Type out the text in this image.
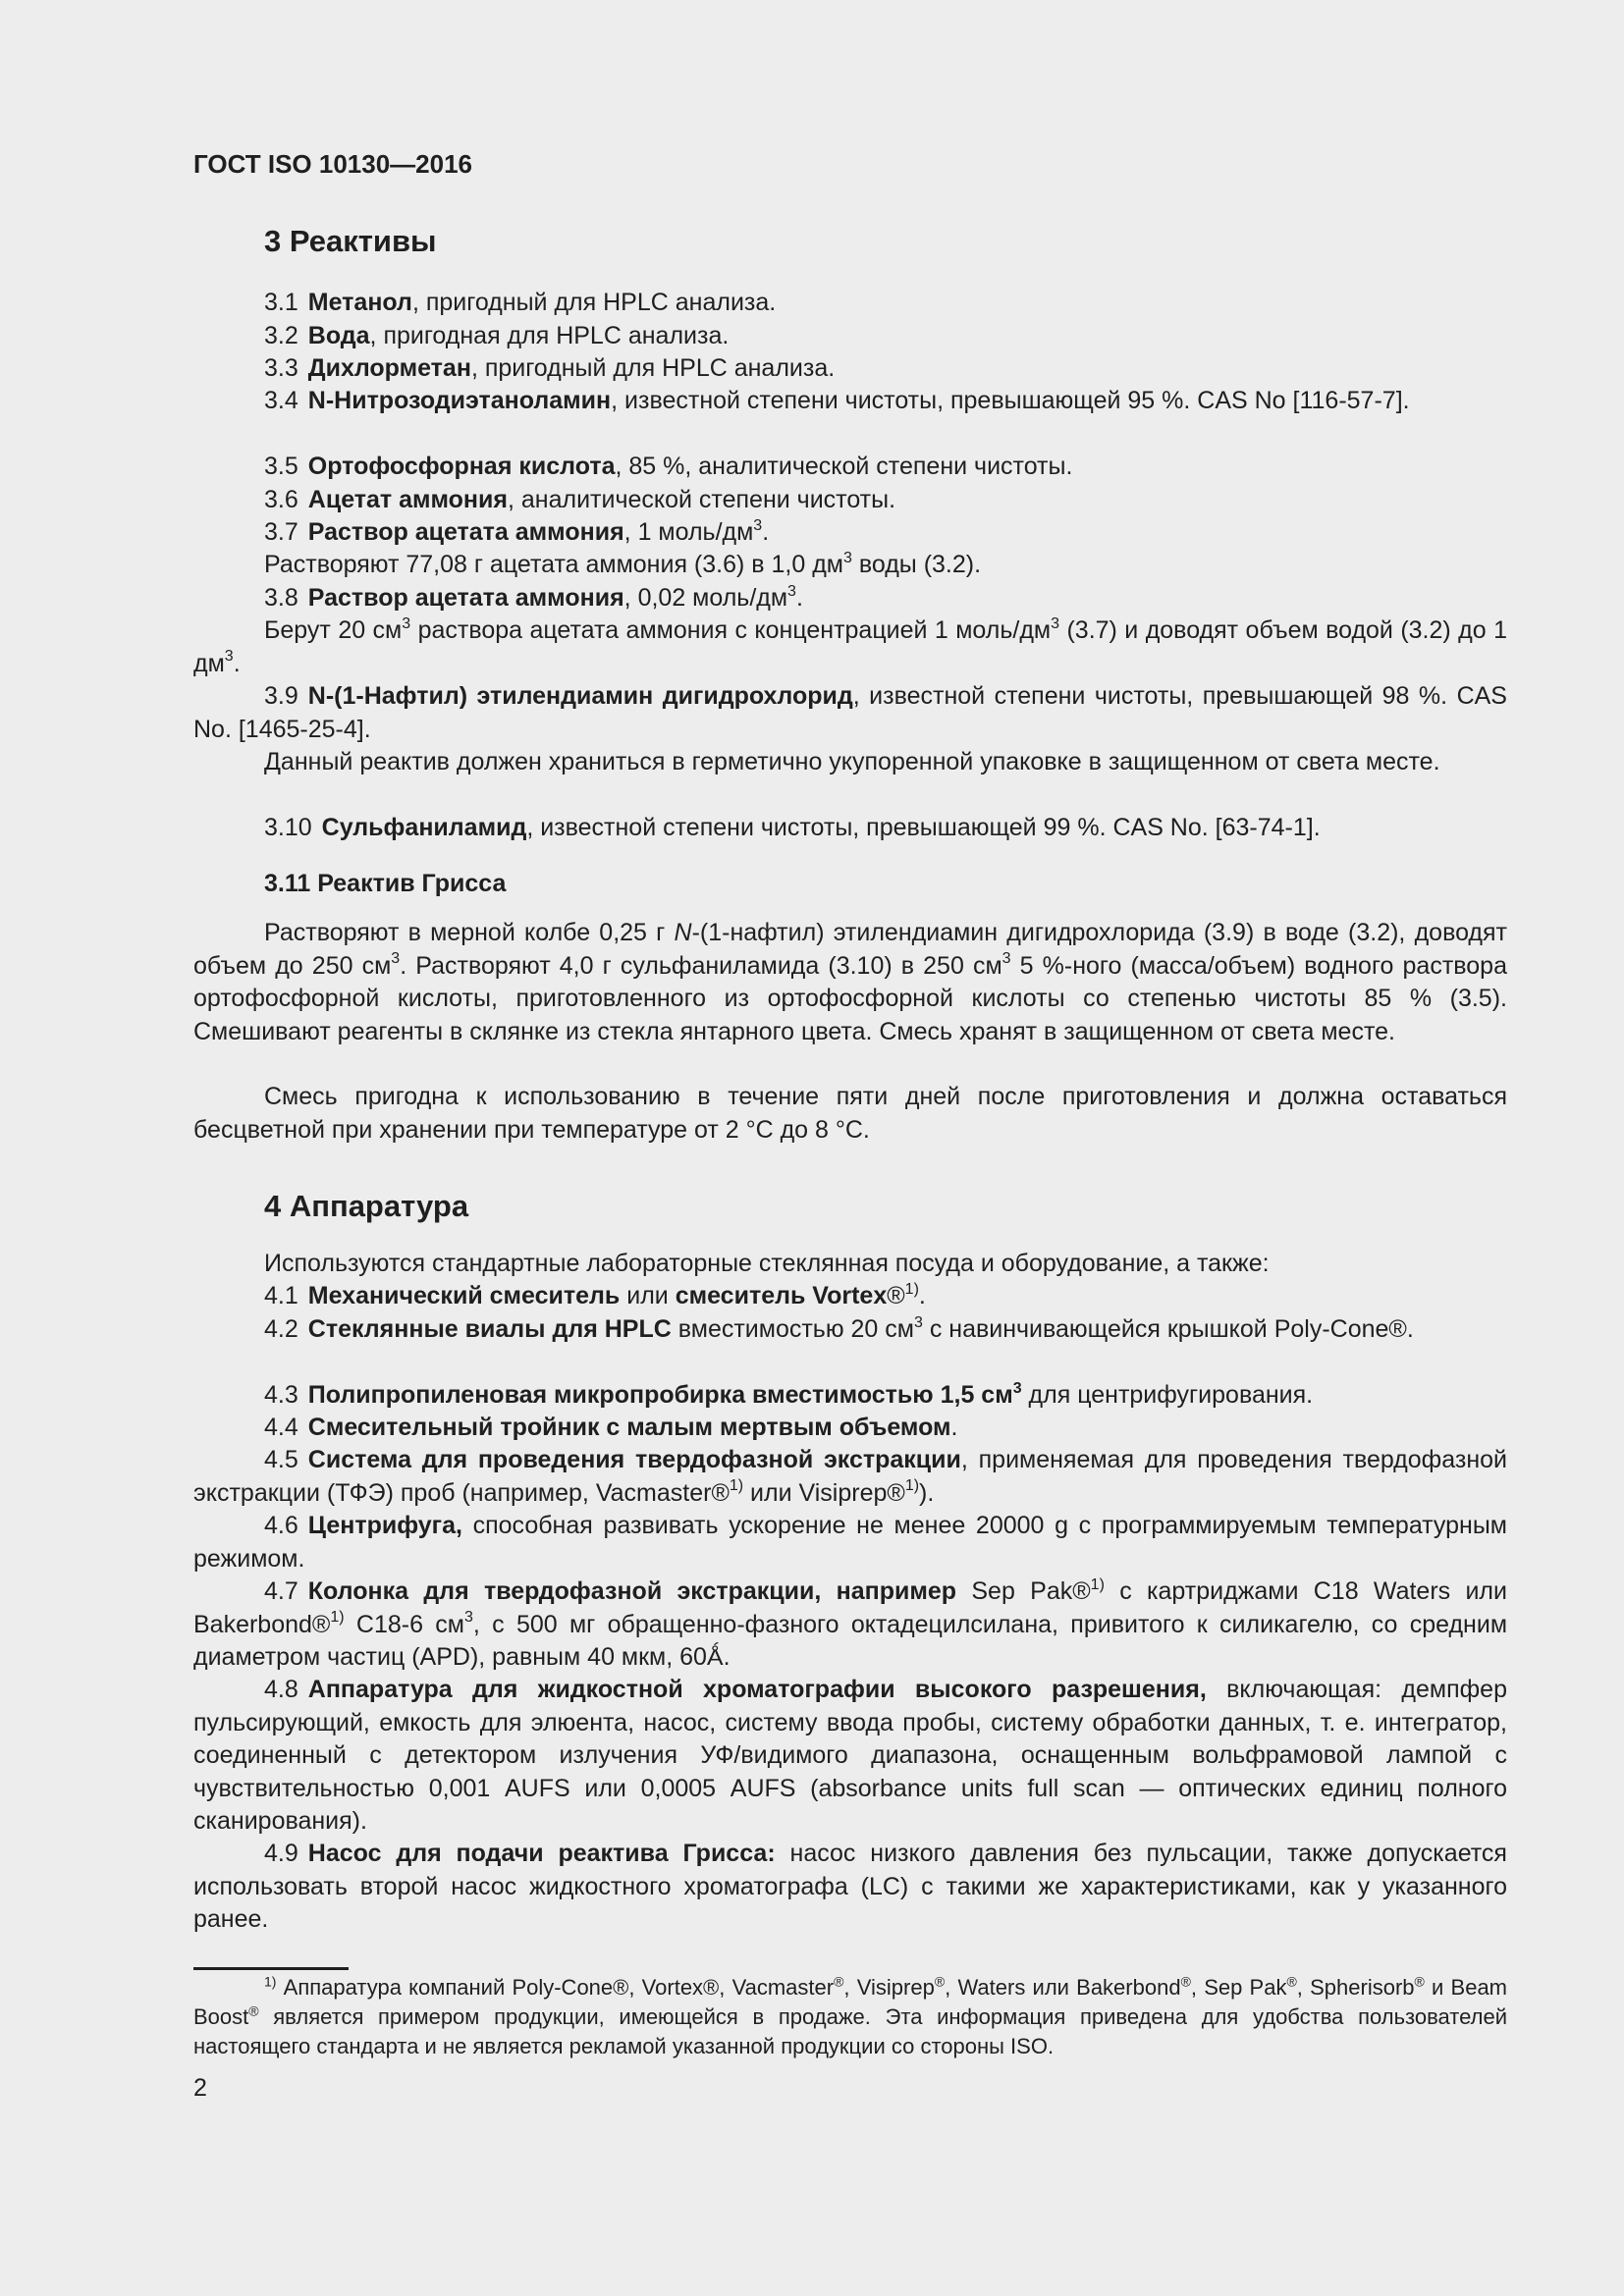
ГОСТ ISO 10130—2016
3 Реактивы
3.1 Метанол, пригодный для HPLC анализа.
3.2 Вода, пригодная для HPLC анализа.
3.3 Дихлорметан, пригодный для HPLC анализа.
3.4 N-Нитрозодиэтаноламин, известной степени чистоты, превышающей 95 %. CAS No [116-57-7].
3.5 Ортофосфорная кислота, 85 %, аналитической степени чистоты.
3.6 Ацетат аммония, аналитической степени чистоты.
3.7 Раствор ацетата аммония, 1 моль/$дм^3$.
Растворяют 77,08 г ацетата аммония (3.6) в 1,0 $дм^3$ воды (3.2).
3.8 Раствор ацетата аммония, 0,02 моль/$дм^3$.
Берут 20 $см^3$ раствора ацетата аммония с концентрацией 1 моль/$дм^3$ (3.7) и доводят объем водой (3.2) до 1 $дм^3$.
3.9 N-(1-Нафтил) этилендиамин дигидрохлорид, известной степени чистоты, превышающей 98 %. CAS No. [1465-25-4].
Данный реактив должен храниться в герметично укупоренной упаковке в защищенном от света месте.
3.10 Сульфаниламид, известной степени чистоты, превышающей 99 %. CAS No. [63-74-1].
3.11 Реактив Грисса
Растворяют в мерной колбе 0,25 г N-(1-нафтил) этилендиамин дигидрохлорида (3.9) в воде (3.2), доводят объем до 250 $см^3$. Растворяют 4,0 г сульфаниламида (3.10) в 250 $см^3$ 5 %-ного (масса/объем) водного раствора ортофосфорной кислоты, приготовленного из ортофосфорной кислоты со степенью чистоты 85 % (3.5). Смешивают реагенты в склянке из стекла янтарного цвета. Смесь хранят в защищенном от света месте.
Смесь пригодна к использованию в течение пяти дней после приготовления и должна оставаться бесцветной при хранении при температуре от 2 °С до 8 °С.
4 Аппаратура
Используются стандартные лабораторные стеклянная посуда и оборудование, а также:
4.1 Механический смеситель или смеситель Vortex®$^{1)}$.
4.2 Стеклянные виалы для HPLC вместимостью 20 $см^3$ с навинчивающейся крышкой Poly-Cone®.
4.3 Полипропиленовая микропробирка вместимостью 1,5 $см^3$ для центрифугирования.
4.4 Смесительный тройник с малым мертвым объемом.
4.5 Система для проведения твердофазной экстракции, применяемая для проведения твердофазной экстракции (ТФЭ) проб (например, Vacmaster®$^{1)}$ или Visiprep®$^{1)}$).
4.6 Центрифуга, способная развивать ускорение не менее 20000 g с программируемым температурным режимом.
4.7 Колонка для твердофазной экстракции, например Sep Pak®$^{1)}$ с картриджами С18 Waters или Bakerbond®$^{1)}$ С18-6 $см^3$, с 500 мг обращенно-фазного октадецилсилана, привитого к силикагелю, со средним диаметром частиц (APD), равным 40 мкм, 60Ǻ.
4.8 Аппаратура для жидкостной хроматографии высокого разрешения, включающая: демпфер пульсирующий, емкость для элюента, насос, систему ввода пробы, систему обработки данных, т. е. интегратор, соединенный с детектором излучения УФ/видимого диапазона, оснащенным вольфрамовой лампой с чувствительностью 0,001 AUFS или 0,0005 AUFS (absorbance units full scan — оптических единиц полного сканирования).
4.9 Насос для подачи реактива Грисса: насос низкого давления без пульсации, также допускается использовать второй насос жидкостного хроматографа (LC) с такими же характеристиками, как у указанного ранее.
$^{1)}$ Аппаратура компаний Poly-Cone®, Vortex®, Vacmaster®, Visiprep®, Waters или Bakerbond®, Sep Pak®, Spherisorb® и Beam Boost® является примером продукции, имеющейся в продаже. Эта информация приведена для удобства пользователей настоящего стандарта и не является рекламой указанной продукции со стороны ISO.
2
